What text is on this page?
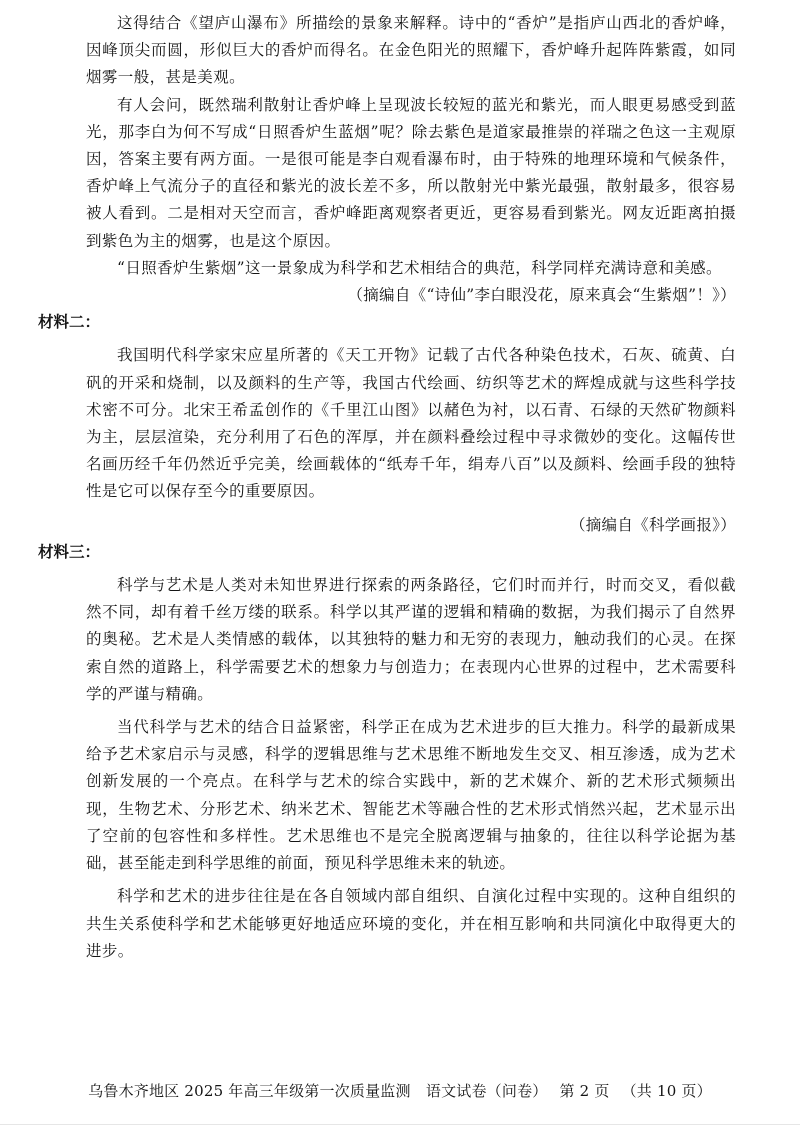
这得结合《望庐山瀑布》所描绘的景象来解释。诗中的“香炉”是指庐山西北的香炉峰，因峰顶尖而圆，形似巨大的香炉而得名。在金色阳光的照耀下，香炉峰升起阵阵紫霞，如同烟雾一般，甚是美观。

有人会问，既然瑞利散射让香炉峰上呈现波长较短的蓝光和紫光，而人眼更易感受到蓝光，那李白为何不写成“日照香炉生蓝烟”呢？除去紫色是道家最推崇的祥瑞之色这一主观原因，答案主要有两方面。一是很可能是李白观看瀑布时，由于特殊的地理环境和气候条件，香炉峰上气流分子的直径和紫光的波长差不多，所以散射光中紫光最强，散射最多，很容易被人看到。二是相对天空而言，香炉峰距离观察者更近，更容易看到紫光。网友近距离拍摄到紫色为主的烟雾，也是这个原因。

“日照香炉生紫烟”这一景象成为科学和艺术相结合的典范，科学同样充满诗意和美感。

（摘编自《“诗仙”李白眼没花，原来真会“生紫烟”！》）

材料二：

我国明代科学家宋应星所著的《天工开物》记载了古代各种染色技术，石灰、硫黄、白矾的开采和烧制，以及颜料的生产等，我国古代绘画、纺织等艺术的辉煌成就与这些科学技术密不可分。北宋王希孟创作的《千里江山图》以赭色为衬，以石青、石绿的天然矿物颜料为主，层层渲染，充分利用了石色的浑厚，并在颜料叠绘过程中寻求微妙的变化。这幅传世名画历经千年仍然近乎完美，绘画载体的“纸寿千年，绢寿八百”以及颜料、绘画手段的独特性是它可以保存至今的重要原因。

（摘编自《科学画报》）

材料三：

科学与艺术是人类对未知世界进行探索的两条路径，它们时而并行，时而交叉，看似截然不同，却有着千丝万缕的联系。科学以其严谨的逻辑和精确的数据，为我们揭示了自然界的奥秘。艺术是人类情感的载体，以其独特的魅力和无穷的表现力，触动我们的心灵。在探索自然的道路上，科学需要艺术的想象力与创造力；在表现内心世界的过程中，艺术需要科学的严谨与精确。

当代科学与艺术的结合日益紧密，科学正在成为艺术进步的巨大推力。科学的最新成果给予艺术家启示与灵感，科学的逻辑思维与艺术思维不断地发生交叉、相互渗透，成为艺术创新发展的一个亮点。在科学与艺术的综合实践中，新的艺术媒介、新的艺术形式频频出现，生物艺术、分形艺术、纳米艺术、智能艺术等融合性的艺术形式悄然兴起，艺术显示出了空前的包容性和多样性。艺术思维也不是完全脱离逻辑与抽象的，往往以科学论据为基础，甚至能走到科学思维的前面，预见科学思维未来的轨迹。

科学和艺术的进步往往是在各自领域内部自组织、自演化过程中实现的。这种自组织的共生关系使科学和艺术能够更好地适应环境的变化，并在相互影响和共同演化中取得更大的进步。

乌鲁木齐地区 2025 年高三年级第一次质量监测　语文试卷（问卷） 第 2 页 （共 10 页）
